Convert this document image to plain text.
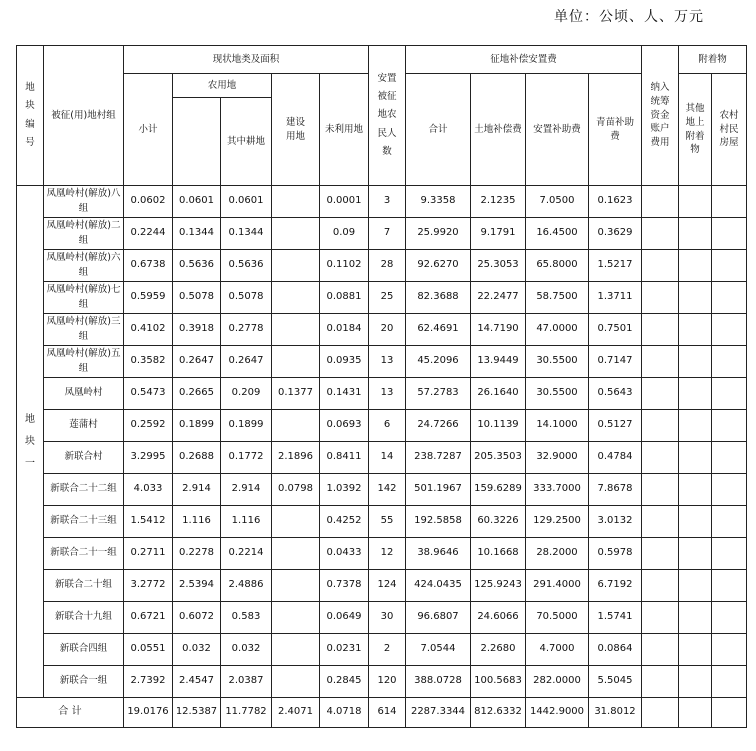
单位：公顷、人、万元
地块编号	被征(用)地村组	现状地类及面积					安置被征地农民人数	征地补偿安置费				纳入统筹资金账户费用	附着物	
		小计	农用地		建设用地	未利用地		合计	土地补偿费	安置补助费	青苗补助费		其他地上附着物	农村村民房屋
				其中耕地										
地块一	凤凰岭村(解放)八组	0.0602	0.0601	0.0601		0.0001	3	9.3358	2.1235	7.0500	0.1623			
	凤凰岭村(解放)二组	0.2244	0.1344	0.1344		0.09	7	25.9920	9.1791	16.4500	0.3629			
	凤凰岭村(解放)六组	0.6738	0.5636	0.5636		0.1102	28	92.6270	25.3053	65.8000	1.5217			
	凤凰岭村(解放)七组	0.5959	0.5078	0.5078		0.0881	25	82.3688	22.2477	58.7500	1.3711			
	凤凰岭村(解放)三组	0.4102	0.3918	0.2778		0.0184	20	62.4691	14.7190	47.0000	0.7501			
	凤凰岭村(解放)五组	0.3582	0.2647	0.2647		0.0935	13	45.2096	13.9449	30.5500	0.7147			
	凤凰岭村	0.5473	0.2665	0.209	0.1377	0.1431	13	57.2783	26.1640	30.5500	0.5643			
	莲蒲村	0.2592	0.1899	0.1899		0.0693	6	24.7266	10.1139	14.1000	0.5127			
	新联合村	3.2995	0.2688	0.1772	2.1896	0.8411	14	238.7287	205.3503	32.9000	0.4784			
	新联合二十二组	4.033	2.914	2.914	0.0798	1.0392	142	501.1967	159.6289	333.7000	7.8678			
	新联合二十三组	1.5412	1.116	1.116		0.4252	55	192.5858	60.3226	129.2500	3.0132			
	新联合二十一组	0.2711	0.2278	0.2214		0.0433	12	38.9646	10.1668	28.2000	0.5978			
	新联合二十组	3.2772	2.5394	2.4886		0.7378	124	424.0435	125.9243	291.4000	6.7192			
	新联合十九组	0.6721	0.6072	0.583		0.0649	30	96.6807	24.6066	70.5000	1.5741			
	新联合四组	0.0551	0.032	0.032		0.0231	2	7.0544	2.2680	4.7000	0.0864			
	新联合一组	2.7392	2.4547	2.0387		0.2845	120	388.0728	100.5683	282.0000	5.5045			
合 计		19.0176	12.5387	11.7782	2.4071	4.0718	614	2287.3344	812.6332	1442.9000	31.8012			
